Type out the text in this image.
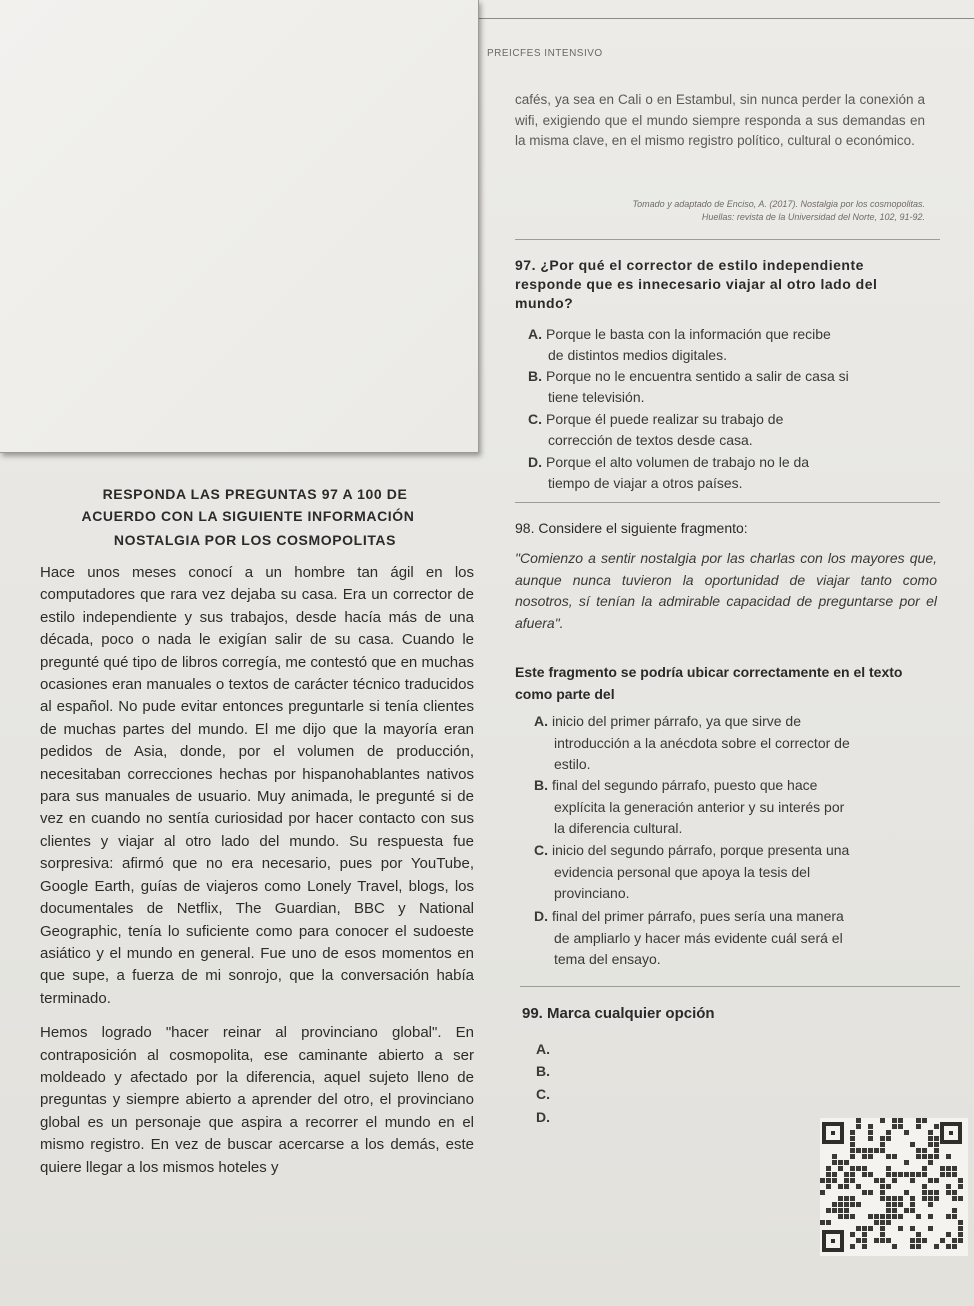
PREICFES INTENSIVO
cafés, ya sea en Cali o en Estambul, sin nunca perder la conexión a wifi, exigiendo que el mundo siempre responda a sus demandas en la misma clave, en el mismo registro político, cultural o económico.
Tomado y adaptado de Enciso, A. (2017). Nostalgia por los cosmopolitas.
Huellas: revista de la Universidad del Norte, 102, 91-92.
97. ¿Por qué el corrector de estilo independiente responde que es innecesario viajar al otro lado del mundo?
A. Porque le basta con la información que recibe
de distintos medios digitales.
B. Porque no le encuentra sentido a salir de casa si
tiene televisión.
C. Porque él puede realizar su trabajo de
corrección de textos desde casa.
D. Porque el alto volumen de trabajo no le da
tiempo de viajar a otros países.
98. Considere el siguiente fragmento:
"Comienzo a sentir nostalgia por las charlas con los mayores que, aunque nunca tuvieron la oportunidad de viajar tanto como nosotros, sí tenían la admirable capacidad de preguntarse por el afuera".
Este fragmento se podría ubicar correctamente en el texto como parte del
A. inicio del primer párrafo, ya que sirve de
introducción a la anécdota sobre el corrector de
estilo.
B. final del segundo párrafo, puesto que hace
explícita la generación anterior y su interés por
la diferencia cultural.
C. inicio del segundo párrafo, porque presenta una
evidencia personal que apoya la tesis del
provinciano.
D. final del primer párrafo, pues sería una manera
de ampliarlo y hacer más evidente cuál será el
tema del ensayo.
99. Marca cualquier opción
A.
B.
C.
D.
RESPONDA LAS PREGUNTAS 97 A 100 DE
ACUERDO CON LA SIGUIENTE INFORMACIÓN
NOSTALGIA POR LOS COSMOPOLITAS

Hace unos meses conocí a un hombre tan ágil en los computadores que rara vez dejaba su casa. Era un corrector de estilo independiente y sus trabajos, desde hacía más de una década, poco o nada le exigían salir de su casa. Cuando le pregunté qué tipo de libros corregía, me contestó que en muchas ocasiones eran manuales o textos de carácter técnico traducidos al español. No pude evitar entonces preguntarle si tenía clientes de muchas partes del mundo. El me dijo que la mayoría eran pedidos de Asia, donde, por el volumen de producción, necesitaban correcciones hechas por hispanohablantes nativos para sus manuales de usuario. Muy animada, le pregunté si de vez en cuando no sentía curiosidad por hacer contacto con sus clientes y viajar al otro lado del mundo. Su respuesta fue sorpresiva: afirmó que no era necesario, pues por YouTube, Google Earth, guías de viajeros como Lonely Travel, blogs, los documentales de Netflix, The Guardian, BBC y National Geographic, tenía lo suficiente como para conocer el sudoeste asiático y el mundo en general. Fue uno de esos momentos en que supe, a fuerza de mi sonrojo, que la conversación había terminado.

Hemos logrado "hacer reinar al provinciano global". En contraposición al cosmopolita, ese caminante abierto a ser moldeado y afectado por la diferencia, aquel sujeto lleno de preguntas y siempre abierto a aprender del otro, el provinciano global es un personaje que aspira a recorrer el mundo en el mismo registro. En vez de buscar acercarse a los demás, este quiere llegar a los mismos hoteles y
